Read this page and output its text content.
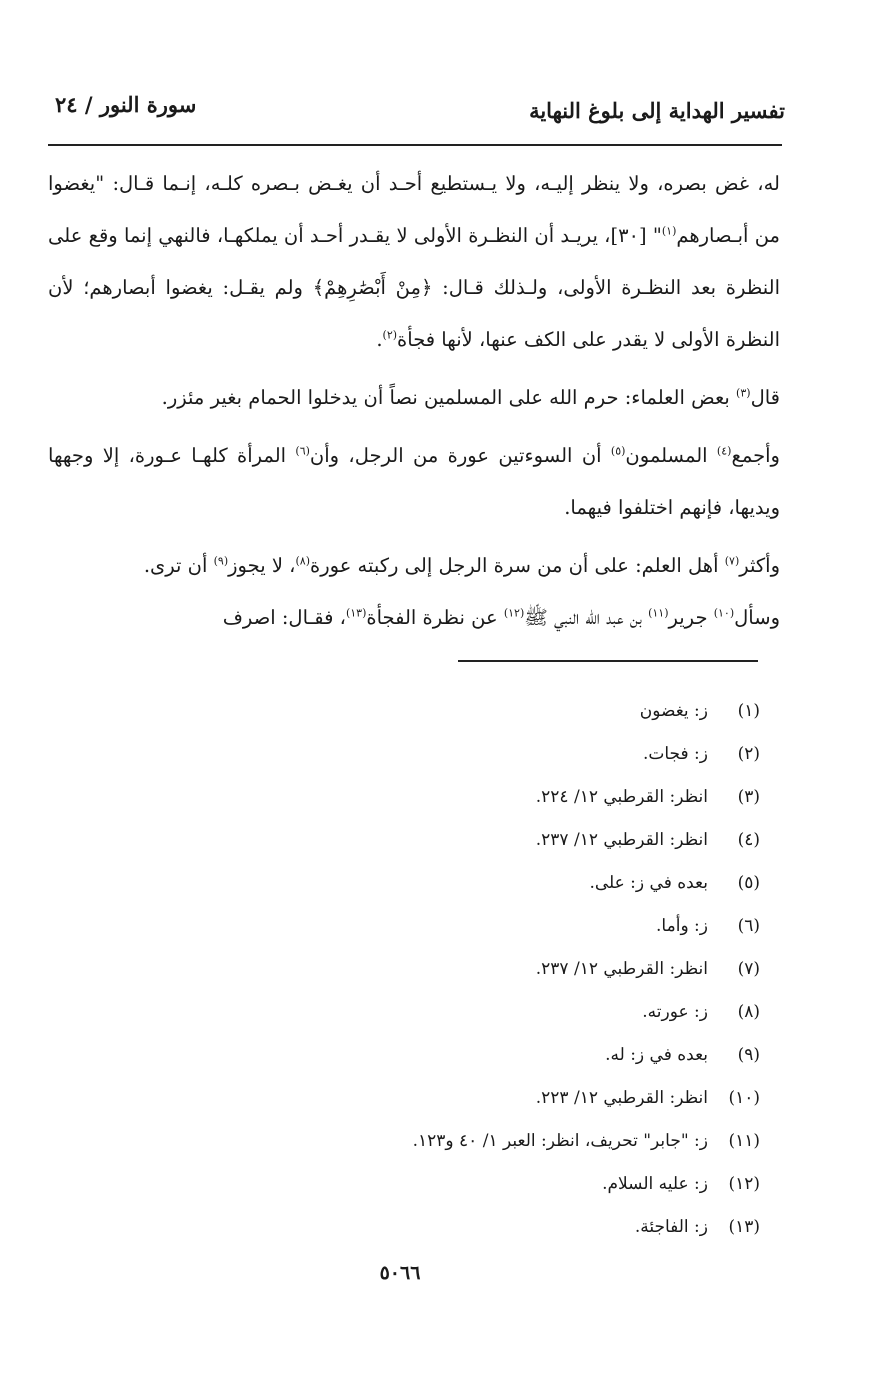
تفسير الهداية إلى بلوغ النهاية
سورة النور / ٢٤

له، غض بصره، ولا ينظر إليـه، ولا يـستطيع أحـد أن يغـض بـصره كلـه، إنـما قـال: "يغضوا من أبـصارهم$^{(١)}$" [٣٠]، يريـد أن النظـرة الأولى لا يقـدر أحـد أن يملكهـا، فالنهي إنما وقع على النظرة بعد النظـرة الأولى، ولـذلك قـال: ﴿مِنْ أَبْصَٰرِهِمْ﴾ ولم يقـل: يغضوا أبصارهم؛ لأن النظرة الأولى لا يقدر على الكف عنها، لأنها فجأة$^{(٢)}$.

قال$^{(٣)}$ بعض العلماء: حرم الله على المسلمين نصاً أن يدخلوا الحمام بغير مئزر.

وأجمع$^{(٤)}$ المسلمون$^{(٥)}$ أن السوءتين عورة من الرجل، وأن$^{(٦)}$ المرأة كلهـا عـورة، إلا وجهها ويديها، فإنهم اختلفوا فيهما.

وأكثر$^{(٧)}$ أهل العلم: على أن من سرة الرجل إلى ركبته عورة$^{(٨)}$، لا يجوز$^{(٩)}$ أن ترى.

وسأل$^{(١٠)}$ جرير$^{(١١)}$ بن عبد الله النبي ﷺ$^{(١٢)}$ عن نظرة الفجأة$^{(١٣)}$، فقـال: اصرف

(١)ز: يغضون
(٢)ز: فجات.
(٣)انظر: القرطبي ١٢/ ٢٢٤.
(٤)انظر: القرطبي ١٢/ ٢٣٧.
(٥)بعده في ز: على.
(٦)ز: وأما.
(٧)انظر: القرطبي ١٢/ ٢٣٧.
(٨)ز: عورته.
(٩)بعده في ز: له.
(١٠)انظر: القرطبي ١٢/ ٢٢٣.
(١١)ز: "جابر" تحريف، انظر: العبر ١/ ٤٠ و١٢٣.
(١٢)ز: عليه السلام.
(١٣)ز: الفاجئة.
٥٠٦٦
